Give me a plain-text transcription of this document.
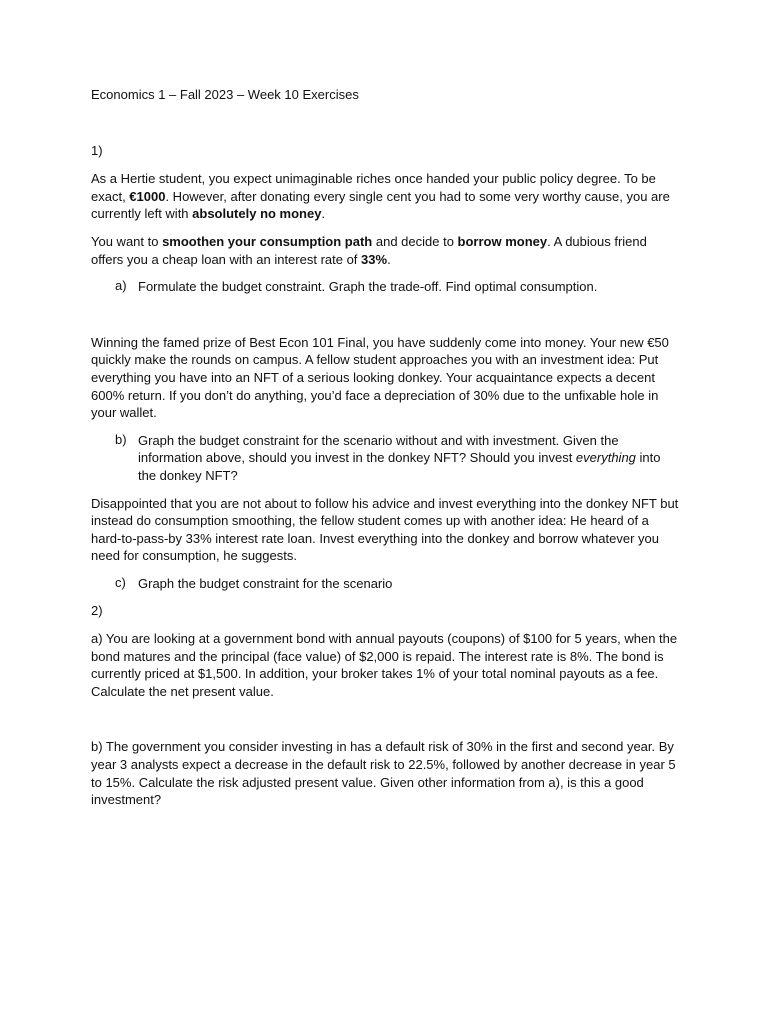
Economics 1 – Fall 2023 – Week 10 Exercises

1)

As a Hertie student, you expect unimaginable riches once handed your public policy degree. To be exact, €1000. However, after donating every single cent you had to some very worthy cause, you are currently left with absolutely no money.

You want to smoothen your consumption path and decide to borrow money. A dubious friend offers you a cheap loan with an interest rate of 33%.

a) Formulate the budget constraint. Graph the trade-off. Find optimal consumption.

Winning the famed prize of Best Econ 101 Final, you have suddenly come into money. Your new €50 quickly make the rounds on campus. A fellow student approaches you with an investment idea: Put everything you have into an NFT of a serious looking donkey. Your acquaintance expects a decent 600% return. If you don’t do anything, you’d face a depreciation of 30% due to the unfixable hole in your wallet.

b) Graph the budget constraint for the scenario without and with investment. Given the information above, should you invest in the donkey NFT? Should you invest everything into the donkey NFT?

Disappointed that you are not about to follow his advice and invest everything into the donkey NFT but instead do consumption smoothing, the fellow student comes up with another idea: He heard of a hard-to-pass-by 33% interest rate loan. Invest everything into the donkey and borrow whatever you need for consumption, he suggests.

c) Graph the budget constraint for the scenario

2)

a) You are looking at a government bond with annual payouts (coupons) of $100 for 5 years, when the bond matures and the principal (face value) of $2,000 is repaid. The interest rate is 8%. The bond is currently priced at $1,500. In addition, your broker takes 1% of your total nominal payouts as a fee. Calculate the net present value.

b) The government you consider investing in has a default risk of 30% in the first and second year. By year 3 analysts expect a decrease in the default risk to 22.5%, followed by another decrease in year 5 to 15%. Calculate the risk adjusted present value. Given other information from a), is this a good investment?
